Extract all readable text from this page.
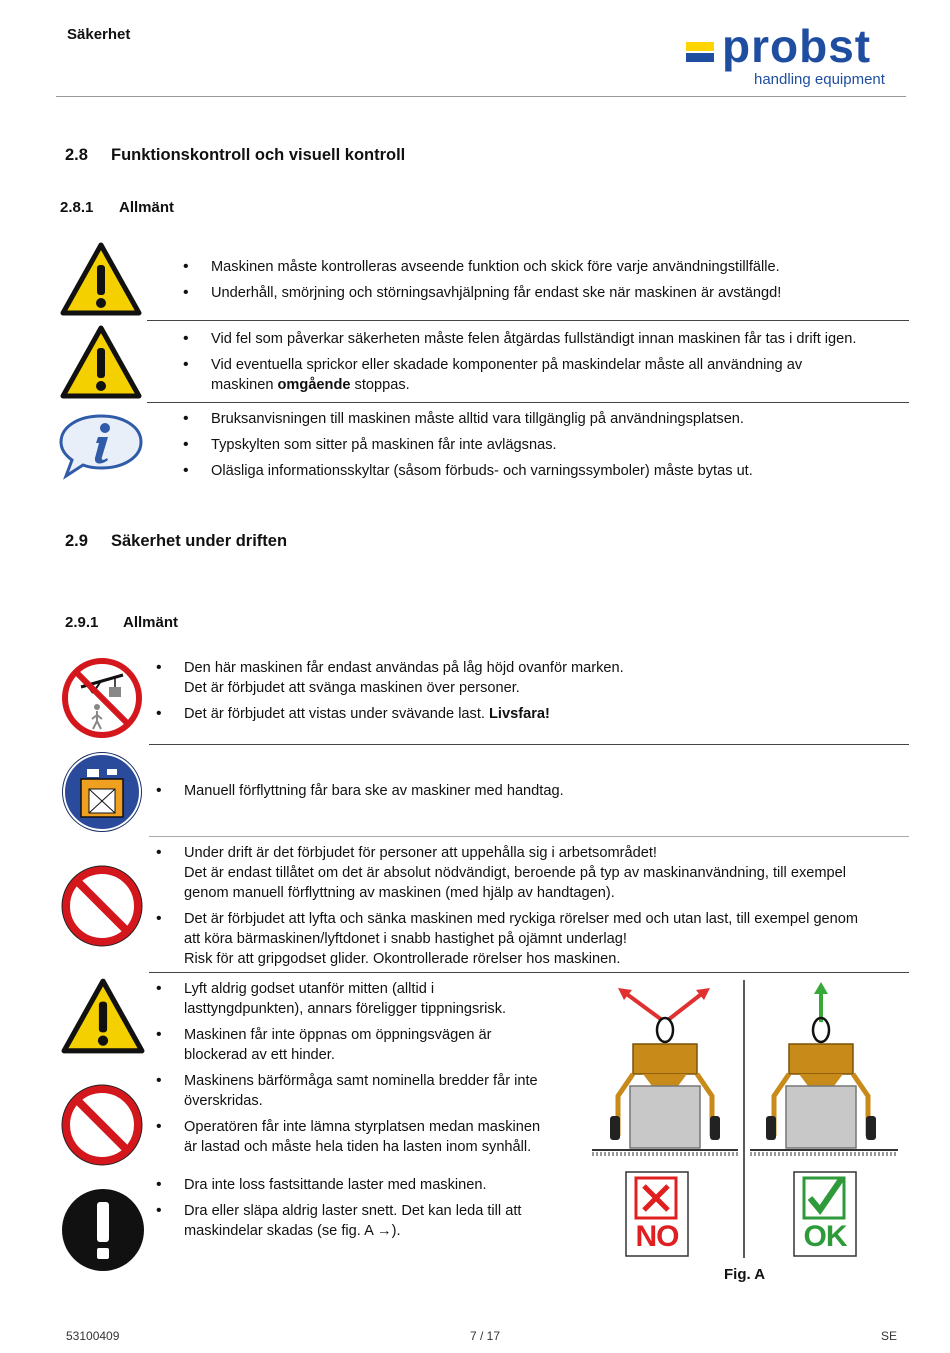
Säkerhet	probst
handling equipment
2.8 Funktionskontroll och visuell kontroll
2.8.1 Allmänt
• Maskinen måste kontrolleras avseende funktion och skick före varje användningstillfälle.
• Underhåll, smörjning och störningsavhjälpning får endast ske när maskinen är avstängd!
• Vid fel som påverkar säkerheten måste felen åtgärdas fullständigt innan maskinen får tas i drift igen.
• Vid eventuella sprickor eller skadade komponenter på maskindelar måste all användning av
maskinen omgående stoppas.
• Bruksanvisningen till maskinen måste alltid vara tillgänglig på användningsplatsen.
• Typskylten som sitter på maskinen får inte avlägsnas.
• Oläsliga informationsskyltar (såsom förbuds- och varningssymboler) måste bytas ut.
2.9 Säkerhet under driften
2.9.1 Allmänt
• Den här maskinen får endast användas på låg höjd ovanför marken.
Det är förbjudet att svänga maskinen över personer.
• Det är förbjudet att vistas under svävande last. Livsfara!
• Manuell förflyttning får bara ske av maskiner med handtag.
• Under drift är det förbjudet för personer att uppehålla sig i arbetsområdet!
Det är endast tillåtet om det är absolut nödvändigt, beroende på typ av maskinanvändning, till exempel
genom manuell förflyttning av maskinen (med hjälp av handtagen).
• Det är förbjudet att lyfta och sänka maskinen med ryckiga rörelser med och utan last, till exempel genom
att köra bärmaskinen/lyftdonet i snabb hastighet på ojämnt underlag!
Risk för att gripgodset glider. Okontrollerade rörelser hos maskinen.
• Lyft aldrig godset utanför mitten (alltid i
lasttyngdpunkten), annars föreligger tippningsrisk.
• Maskinen får inte öppnas om öppningsvägen är
blockerad av ett hinder.
• Maskinens bärförmåga samt nominella bredder får inte
överskridas.
• Operatören får inte lämna styrplatsen medan maskinen
är lastad och måste hela tiden ha lasten inom synhåll.
• Dra inte loss fastsittande laster med maskinen.
• Dra eller släpa aldrig laster snett. Det kan leda till att
maskindelar skadas (se fig. A →).	NO	OK
Fig. A
53100409	7 / 17	SE
